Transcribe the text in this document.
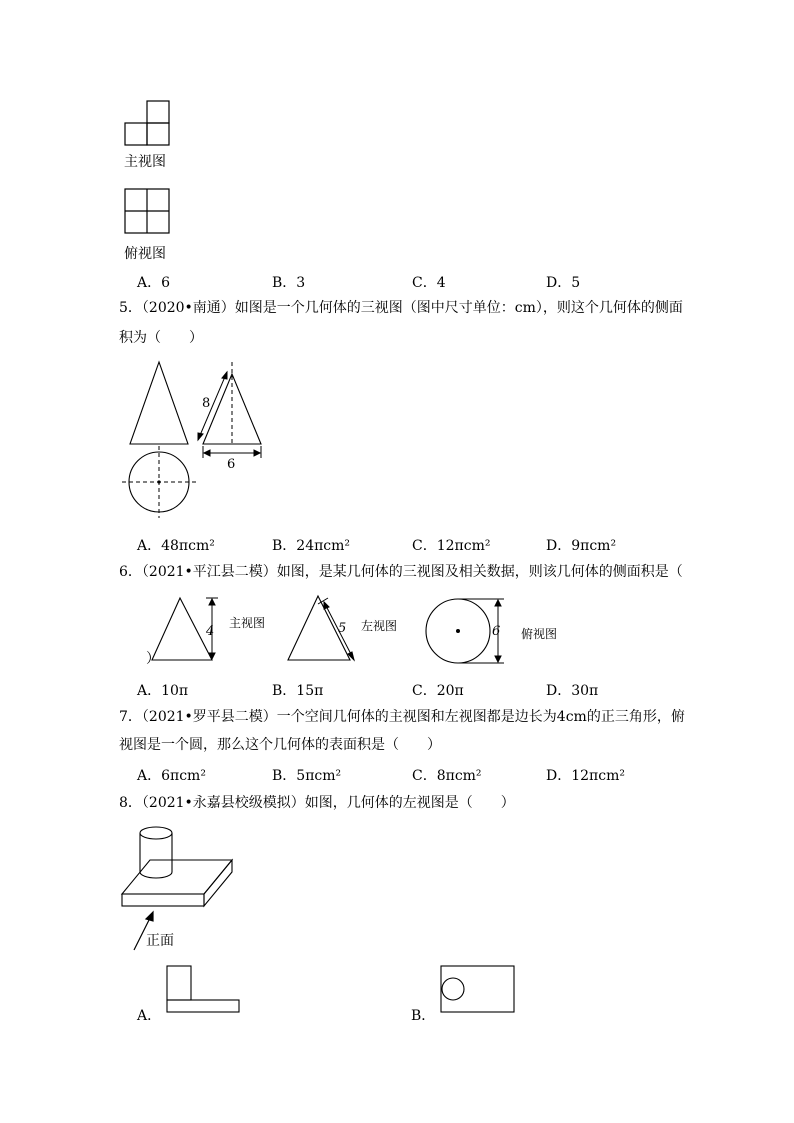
主视图
俯视图
A．6	B．3	C．4	D．5
5．（2020•南通）如图是一个几何体的三视图（图中尺寸单位：cm），则这个几何体的侧面
积为（　　）
8
6
A．48πcm²	B．24πcm²	C．12πcm²	D．9πcm²
6．（2021•平江县二模）如图，是某几何体的三视图及相关数据，则该几何体的侧面积是（
4
主视图
）
5 左视图	6 俯视图
A．10π	B．15π	C．20π	D．30π
7．（2021•罗平县二模）一个空间几何体的主视图和左视图都是边长为4cm的正三角形，俯
视图是一个圆，那么这个几何体的表面积是（　　）
A．6πcm²	B．5πcm²	C．8πcm²	D．12πcm²
8．（2021•永嘉县校级模拟）如图，几何体的左视图是（　　）
正面
A．	B．
